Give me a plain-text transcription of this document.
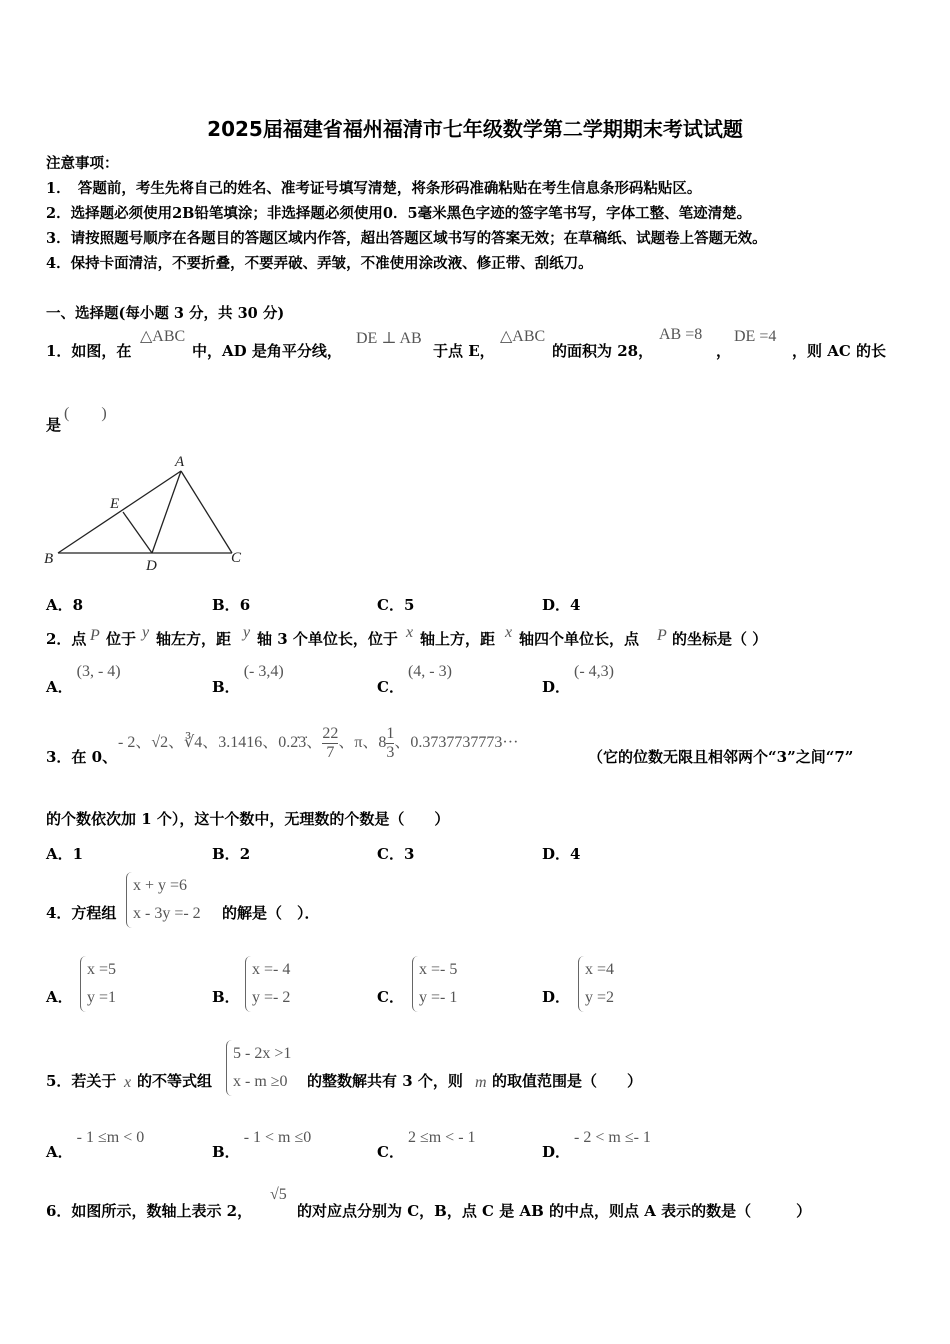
2025届福建省福州福清市七年级数学第二学期期末考试试题
注意事项：
1．　答题前，考生先将自己的姓名、准考证号填写清楚，将条形码准确粘贴在考生信息条形码粘贴区。
2．选择题必须使用2B铅笔填涂；非选择题必须使用0．5毫米黑色字迹的签字笔书写，字体工整、笔迹清楚。
3．请按照题号顺序在各题目的答题区域内作答，超出答题区域书写的答案无效；在草稿纸、试题卷上答题无效。
4．保持卡面清洁，不要折叠，不要弄破、弄皱，不准使用涂改液、修正带、刮纸刀。
一、选择题(每小题 3 分，共 30 分)
1．如图，在
△ABC
中，AD 是角平分线，
DE ⊥ AB
于点 E，
△ABC
的面积为 28，
AB =8
，
DE =4
，则 AC 的长
是
(　　)
A
B	C
D
E
A．8	B．6	C．5	D．4
2．点 P 位于 y 轴左方，距 y 轴 3 个单位长，位于 x 轴上方，距 x 轴四个单位长，点 P 的坐标是（ ）
A．(3, - 4)
B．(- 3,4)
C．(4, - 3)
D．(- 4,3)
3．在 0、
- 2、√2、∛4、3.1416、0.2̇3̇、 $\frac{22}{7}$ 、π、$8 \frac{1}{3}$ 、0.3737737773···
（它的位数无限且相邻两个“3”之间“7”
的个数依次加 1 个），这十个数中，无理数的个数是（　　）
A．1	B．2	C．3	D．4
4．方程组
x + y =6
x - 3y =- 2 的解是（　）．
A．
x =5
y =1	B．
x =- 4
y =- 2	C．
x =- 5
y =- 1	D．
x =4
y =2
5．若关于 x 的不等式组
5 - 2x >1
x - m ≥0 的整数解共有 3 个，则 m 的取值范围是（　　）
A．- 1 ≤m < 0
B．- 1 < m ≤0
C．2 ≤m < - 1
D．- 2 < m ≤- 1
6．如图所示，数轴上表示 2，
√5
的对应点分别为 C，B，点 C 是 AB 的中点，则点 A 表示的数是（　　　）
